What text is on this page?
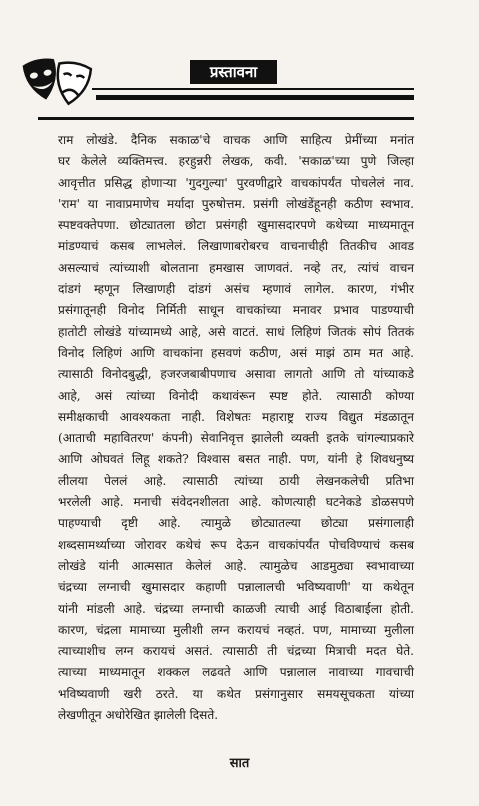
प्रस्तावना
राम लोखंडे. दैनिक सकाळ'चे वाचक आणि साहित्य प्रेमींच्या मनांत
घर केलेले व्यक्तिमत्त्व. हरहुन्नरी लेखक, कवी. 'सकाळ'च्या पुणे जिल्हा
आवृत्तीत प्रसिद्ध होणाऱ्या 'गुदगुल्या' पुरवणीद्वारे वाचकांपर्यंत पोचलेलं नाव.
'राम' या नावाप्रमाणेच मर्यादा पुरुषोत्तम. प्रसंगी लोखंडेंहूनही कठीण स्वभाव.
स्पष्टवक्तेपणा. छोट्यातला छोटा प्रसंगही खुमासदारपणे कथेच्या माध्यमातून
मांडण्याचं कसब लाभलेलं. लिखाणाबरोबरच वाचनाचीही तितकीच आवड
असल्याचं त्यांच्याशी बोलताना हमखास जाणवतं. नव्हे तर, त्यांचं वाचन
दांडगं म्हणून लिखाणही दांडगं असंच म्हणावं लागेल. कारण, गंभीर
प्रसंगातूनही विनोद निर्मिती साधून वाचकांच्या मनावर प्रभाव पाडण्याची
हातोटी लोखंडे यांच्यामध्ये आहे, असे वाटतं. साधं लिहिणं जितकं सोपं तितकं
विनोद लिहिणं आणि वाचकांना हसवणं कठीण, असं माझं ठाम मत आहे.
त्यासाठी विनोदबुद्धी, हजरजबाबीपणाच असावा लागतो आणि तो यांच्याकडे
आहे, असं त्यांच्या विनोदी कथावंरून स्पष्ट होते. त्यासाठी कोण्या
समीक्षकाची आवश्यकता नाही. विशेषतः महाराष्ट्र राज्य विद्युत मंडळातून
(आताची महावितरण' कंपनी) सेवानिवृत्त झालेली व्यक्ती इतके चांगल्याप्रकारे
आणि ओघवतं लिहू शकते? विश्वास बसत नाही. पण, यांनी हे शिवधनुष्य
लीलया पेललं आहे. त्यासाठी त्यांच्या ठायी लेखनकलेची प्रतिभा
भरलेली आहे. मनाची संवेदनशीलता आहे. कोणत्याही घटनेकडे डोळसपणे
पाहण्याची दृष्टी आहे. त्यामुळे छोट्यातल्या छोट्या प्रसंगालाही
शब्दसामर्थ्याच्या जोरावर कथेचं रूप देऊन वाचकांपर्यंत पोचविण्याचं कसब
लोखंडे यांनी आत्मसात केलेलं आहे. त्यामुळेच आडमुठ्या स्वभावाच्या
चंद्रच्या लग्नाची खुमासदार कहाणी पन्नालालची भविष्यवाणी' या कथेतून
यांनी मांडली आहे. चंद्रच्या लग्नाची काळजी त्याची आई विठाबाईला होती.
कारण, चंद्रला मामाच्या मुलीशी लग्न करायचं नव्हतं. पण, मामाच्या मुलीला
त्याच्याशीच लग्न करायचं असतं. त्यासाठी ती चंद्रच्या मित्राची मदत घेते.
त्याच्या माध्यमातून शक्कल लढवते आणि पन्नालाल नावाच्या गावचाची
भविष्यवाणी खरी ठरते. या कथेत प्रसंगानुसार समयसूचकता यांच्या
लेखणीतून अधोरेखित झालेली दिसते.
सात
